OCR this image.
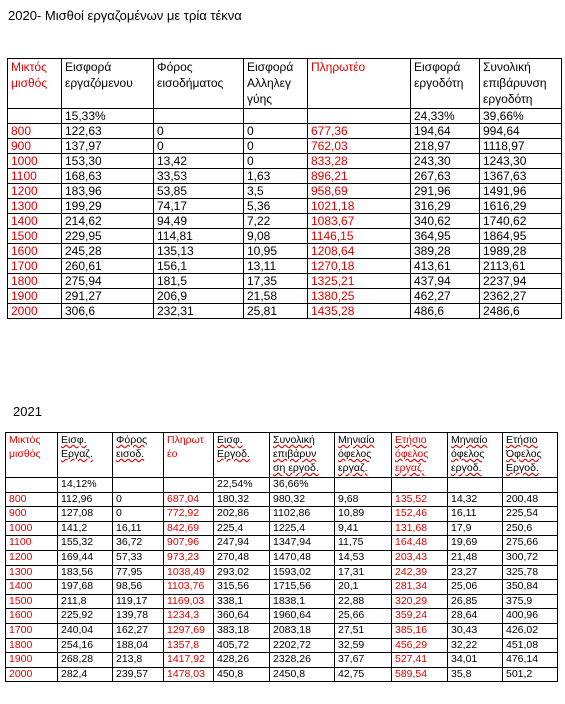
2020- Μισθοί εργαζομένων με τρία τέκνα
Μικτός μισθός	Εισφορά εργαζόμενου	Φόρος εισοδήματος	Εισφορά Αλληλεγ γύης	Πληρωτέο	Εισφορά εργοδότη	Συνολική επιβάρυνση εργοδότη
	15,33%				24,33%	39,66%
800	122,63	0	0	677,36	194,64	994,64
900	137,97	0	0	762,03	218,97	1118,97
1000	153,30	13,42	0	833,28	243,30	1243,30
1100	168,63	33,53	1,63	896,21	267,63	1367,63
1200	183,96	53,85	3,5	958,69	291,96	1491,96
1300	199,29	74,17	5,36	1021,18	316,29	1616,29
1400	214,62	94,49	7,22	1083,67	340,62	1740,62
1500	229,95	114,81	9,08	1146,15	364,95	1864,95
1600	245,28	135,13	10,95	1208,64	389,28	1989,28
1700	260,61	156,1	13,11	1270,18	413,61	2113,61
1800	275,94	181,5	17,35	1325,21	437,94	2237,94
1900	291,27	206,9	21,58	1380,25	462,27	2362,27
2000	306,6	232,31	25,81	1435,28	486,6	2486,6
2021
Μικτός μισθός	Εισφ. Εργαζ.	Φόρος εισοδ.	Πληρωτ έο	Εισφ. Εργοδ.	Συνολική επιβάρυν ση εργοδ.	Μηνιαίο όφελος εργαζ.	Ετήσιο όφελος εργαζ.	Μηνιαίο όφελος εργοδ.	Ετήσιο Όφελος Εργοδ.
	14,12%			22,54%	36,66%				
800	112,96	0	687,04	180,32	980,32	9,68	135,52	14,32	200,48
900	127,08	0	772,92	202,86	1102,86	10,89	152,46	16,11	225,54
1000	141,2	16,11	842,69	225,4	1225,4	9,41	131,68	17,9	250,6
1100	155,32	36,72	907,96	247,94	1347,94	11,75	164,48	19,69	275,66
1200	169,44	57,33	973,23	270,48	1470,48	14,53	203,43	21,48	300,72
1300	183,56	77,95	1038,49	293,02	1593,02	17,31	242,39	23,27	325,78
1400	197,68	98,56	1103,76	315,56	1715,56	20,1	281,34	25,06	350,84
1500	211,8	119,17	1169,03	338,1	1838,1	22,88	320,29	26,85	375,9
1600	225,92	139,78	1234,3	360,64	1960,64	25,66	359,24	28,64	400,96
1700	240,04	162,27	1297,69	383,18	2083,18	27,51	385,16	30,43	426,02
1800	254,16	188,04	1357,8	405,72	2202,72	32,59	456,29	32,22	451,08
1900	268,28	213,8	1417,92	428,26	2328,26	37,67	527,41	34,01	476,14
2000	282,4	239,57	1478,03	450,8	2450,8	42,75	589,54	35,8	501,2
